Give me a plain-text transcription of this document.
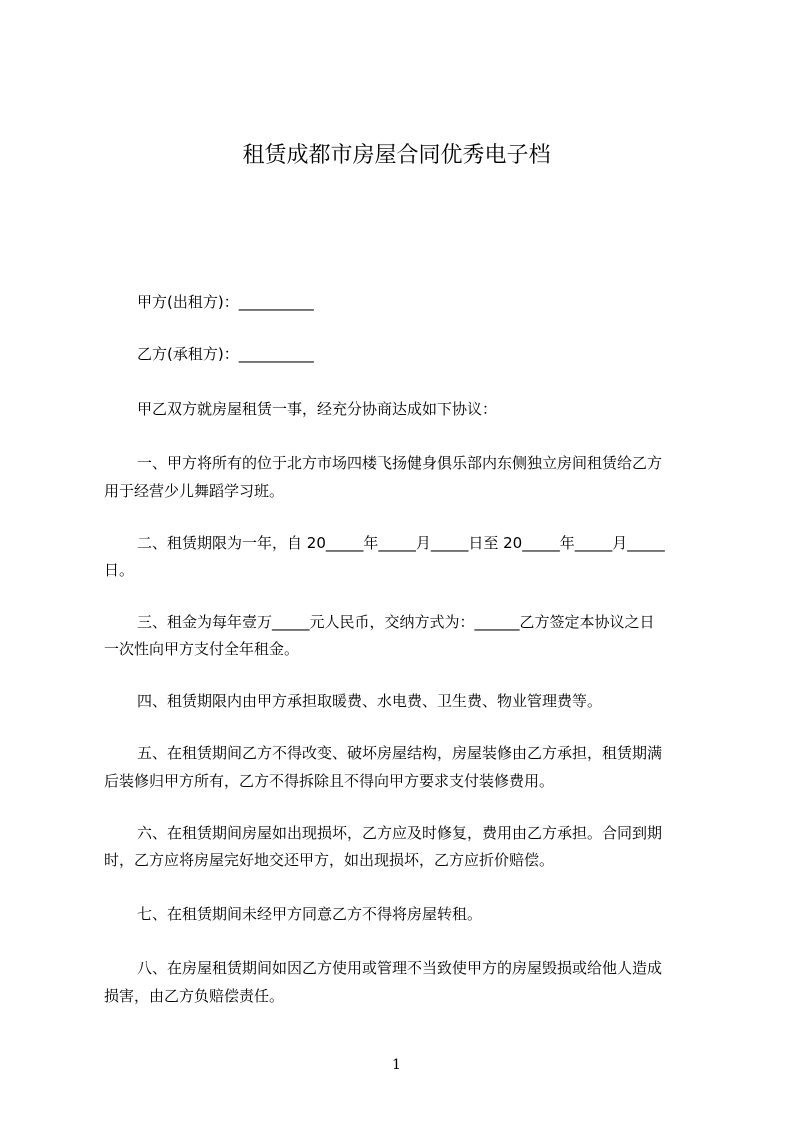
租赁成都市房屋合同优秀电子档
甲方(出租方)：__________
乙方(承租方)：__________
甲乙双方就房屋租赁一事，经充分协商达成如下协议：
一、甲方将所有的位于北方市场四楼飞扬健身俱乐部内东侧独立房间租赁给乙方
用于经营少儿舞蹈学习班。
二、租赁期限为一年，自 20_____年_____月_____日至 20_____年_____月_____
日。
三、租金为每年壹万_____元人民币，交纳方式为：______乙方签定本协议之日
一次性向甲方支付全年租金。
四、租赁期限内由甲方承担取暖费、水电费、卫生费、物业管理费等。
五、在租赁期间乙方不得改变、破坏房屋结构，房屋装修由乙方承担，租赁期满
后装修归甲方所有，乙方不得拆除且不得向甲方要求支付装修费用。
六、在租赁期间房屋如出现损坏，乙方应及时修复，费用由乙方承担。合同到期
时，乙方应将房屋完好地交还甲方，如出现损坏，乙方应折价赔偿。
七、在租赁期间未经甲方同意乙方不得将房屋转租。
八、在房屋租赁期间如因乙方使用或管理不当致使甲方的房屋毁损或给他人造成
损害，由乙方负赔偿责任。
1
